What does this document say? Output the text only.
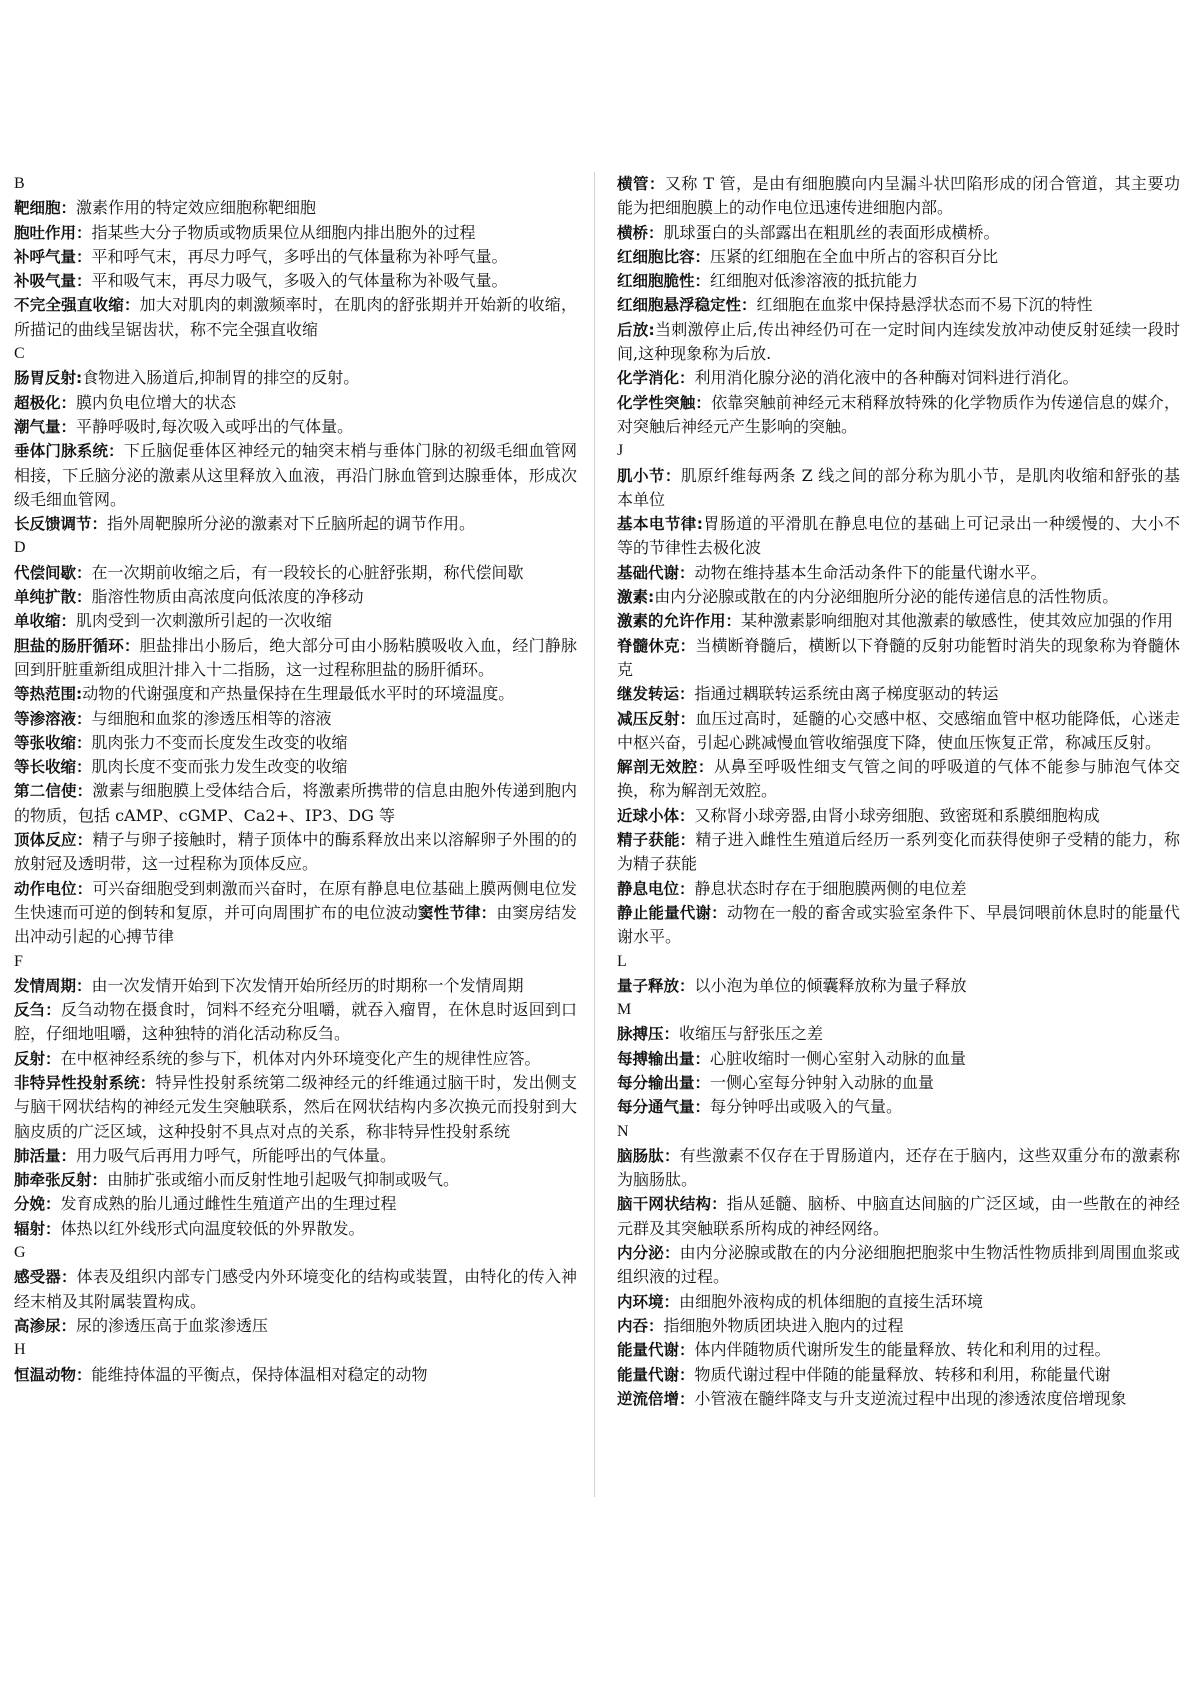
B

靶细胞：激素作用的特定效应细胞称靶细胞

胞吐作用：指某些大分子物质或物质果位从细胞内排出胞外的过程

补呼气量：平和呼气末，再尽力呼气，多呼出的气体量称为补呼气量。

补吸气量：平和吸气末，再尽力吸气，多吸入的气体量称为补吸气量。

不完全强直收缩：加大对肌肉的刺激频率时，在肌肉的舒张期并开始新的收缩，所描记的曲线呈锯齿状，称不完全强直收缩

C

肠胃反射:食物进入肠道后,抑制胃的排空的反射。

超极化：膜内负电位增大的状态

潮气量：平静呼吸时,每次吸入或呼出的气体量。

垂体门脉系统：下丘脑促垂体区神经元的轴突末梢与垂体门脉的初级毛细血管网相接，下丘脑分泌的激素从这里释放入血液，再沿门脉血管到达腺垂体，形成次级毛细血管网。

长反馈调节：指外周靶腺所分泌的激素对下丘脑所起的调节作用。

D

代偿间歇：在一次期前收缩之后，有一段较长的心脏舒张期，称代偿间歇

单纯扩散：脂溶性物质由高浓度向低浓度的净移动

单收缩：肌肉受到一次刺激所引起的一次收缩

胆盐的肠肝循环：胆盐排出小肠后，绝大部分可由小肠粘膜吸收入血，经门静脉回到肝脏重新组成胆汁排入十二指肠，这一过程称胆盐的肠肝循环。

等热范围:动物的代谢强度和产热量保持在生理最低水平时的环境温度。

等渗溶液：与细胞和血浆的渗透压相等的溶液

等张收缩：肌肉张力不变而长度发生改变的收缩

等长收缩：肌肉长度不变而张力发生改变的收缩

第二信使：激素与细胞膜上受体结合后，将激素所携带的信息由胞外传递到胞内的物质，包括 cAMP、cGMP、Ca2+、IP3、DG 等

顶体反应：精子与卵子接触时，精子顶体中的酶系释放出来以溶解卵子外围的的放射冠及透明带，这一过程称为顶体反应。

动作电位：可兴奋细胞受到刺激而兴奋时，在原有静息电位基础上膜两侧电位发生快速而可逆的倒转和复原，并可向周围扩布的电位波动窦性节律：由窦房结发出冲动引起的心搏节律

F

发情周期：由一次发情开始到下次发情开始所经历的时期称一个发情周期

反刍：反刍动物在摄食时，饲料不经充分咀嚼，就吞入瘤胃，在休息时返回到口腔，仔细地咀嚼，这种独特的消化活动称反刍。

反射：在中枢神经系统的参与下，机体对内外环境变化产生的规律性应答。

非特异性投射系统：特异性投射系统第二级神经元的纤维通过脑干时，发出侧支与脑干网状结构的神经元发生突触联系，然后在网状结构内多次换元而投射到大脑皮质的广泛区域，这种投射不具点对点的关系，称非特异性投射系统

肺活量：用力吸气后再用力呼气，所能呼出的气体量。

肺牵张反射：由肺扩张或缩小而反射性地引起吸气抑制或吸气。

分娩：发育成熟的胎儿通过雌性生殖道产出的生理过程

辐射：体热以红外线形式向温度较低的外界散发。

G

感受器：体表及组织内部专门感受内外环境变化的结构或装置，由特化的传入神经末梢及其附属装置构成。

高渗尿：尿的渗透压高于血浆渗透压

H

恒温动物：能维持体温的平衡点，保持体温相对稳定的动物

横管：又称 T 管，是由有细胞膜向内呈漏斗状凹陷形成的闭合管道，其主要功能为把细胞膜上的动作电位迅速传进细胞内部。

横桥：肌球蛋白的头部露出在粗肌丝的表面形成横桥。

红细胞比容：压紧的红细胞在全血中所占的容积百分比

红细胞脆性：红细胞对低渗溶液的抵抗能力

红细胞悬浮稳定性：红细胞在血浆中保持悬浮状态而不易下沉的特性

后放:当刺激停止后,传出神经仍可在一定时间内连续发放冲动使反射延续一段时间,这种现象称为后放.

化学消化：利用消化腺分泌的消化液中的各种酶对饲料进行消化。

化学性突触：依靠突触前神经元末稍释放特殊的化学物质作为传递信息的媒介，对突触后神经元产生影响的突触。

J

肌小节：肌原纤维每两条 Z 线之间的部分称为肌小节，是肌肉收缩和舒张的基本单位

基本电节律:胃肠道的平滑肌在静息电位的基础上可记录出一种缓慢的、大小不等的节律性去极化波

基础代谢：动物在维持基本生命活动条件下的能量代谢水平。

激素:由内分泌腺或散在的内分泌细胞所分泌的能传递信息的活性物质。

激素的允许作用：某种激素影响细胞对其他激素的敏感性，使其效应加强的作用

脊髓休克：当横断脊髓后，横断以下脊髓的反射功能暂时消失的现象称为脊髓休克

继发转运：指通过耦联转运系统由离子梯度驱动的转运

减压反射：血压过高时，延髓的心交感中枢、交感缩血管中枢功能降低，心迷走中枢兴奋，引起心跳减慢血管收缩强度下降，使血压恢复正常，称减压反射。

解剖无效腔：从鼻至呼吸性细支气管之间的呼吸道的气体不能参与肺泡气体交换，称为解剖无效腔。

近球小体：又称肾小球旁器,由肾小球旁细胞、致密斑和系膜细胞构成

精子获能：精子进入雌性生殖道后经历一系列变化而获得使卵子受精的能力，称为精子获能

静息电位：静息状态时存在于细胞膜两侧的电位差

静止能量代谢：动物在一般的畜舍或实验室条件下、早晨饲喂前休息时的能量代谢水平。

L

量子释放：以小泡为单位的倾囊释放称为量子释放

M

脉搏压：收缩压与舒张压之差

每搏输出量：心脏收缩时一侧心室射入动脉的血量

每分输出量：一侧心室每分钟射入动脉的血量

每分通气量：每分钟呼出或吸入的气量。

N

脑肠肽：有些激素不仅存在于胃肠道内，还存在于脑内，这些双重分布的激素称为脑肠肽。

脑干网状结构：指从延髓、脑桥、中脑直达间脑的广泛区域，由一些散在的神经元群及其突触联系所构成的神经网络。

内分泌：由内分泌腺或散在的内分泌细胞把胞浆中生物活性物质排到周围血浆或组织液的过程。

内环境：由细胞外液构成的机体细胞的直接生活环境

内吞：指细胞外物质团块进入胞内的过程

能量代谢：体内伴随物质代谢所发生的能量释放、转化和利用的过程。

能量代谢：物质代谢过程中伴随的能量释放、转移和利用，称能量代谢

逆流倍增：小管液在髓绊降支与升支逆流过程中出现的渗透浓度倍增现象
